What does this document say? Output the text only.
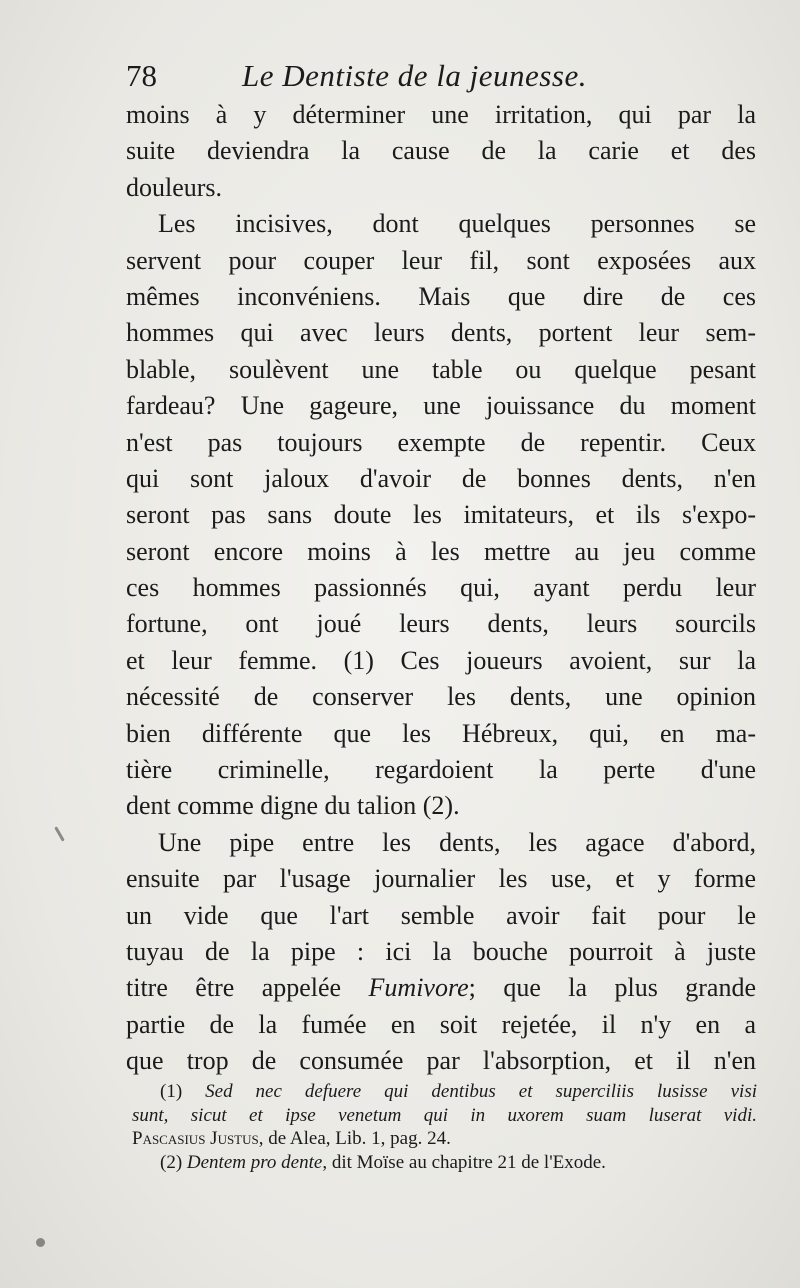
78	Le Dentiste de la jeunesse.
moins à y déterminer une irritation, qui par la
suite deviendra la cause de la carie et des
douleurs.
Les incisives, dont quelques personnes se
servent pour couper leur fil, sont exposées aux
mêmes inconvéniens. Mais que dire de ces
hommes qui avec leurs dents, portent leur sem-
blable, soulèvent une table ou quelque pesant
fardeau? Une gageure, une jouissance du moment
n'est pas toujours exempte de repentir. Ceux
qui sont jaloux d'avoir de bonnes dents, n'en
seront pas sans doute les imitateurs, et ils s'expo-
seront encore moins à les mettre au jeu comme
ces hommes passionnés qui, ayant perdu leur
fortune, ont joué leurs dents, leurs sourcils
et leur femme. (1) Ces joueurs avoient, sur la
nécessité de conserver les dents, une opinion
bien différente que les Hébreux, qui, en ma-
tière criminelle, regardoient la perte d'une
dent comme digne du talion (2).
Une pipe entre les dents, les agace d'abord,
ensuite par l'usage journalier les use, et y forme
un vide que l'art semble avoir fait pour le
tuyau de la pipe : ici la bouche pourroit à juste
titre être appelée Fumivore; que la plus grande
partie de la fumée en soit rejetée, il n'y en a
que trop de consumée par l'absorption, et il n'en
(1) Sed nec defuere qui dentibus et superciliis lusisse visi
sunt, sicut et ipse venetum qui in uxorem suam luserat vidi.
Pascasius Justus, de Alea, Lib. 1, pag. 24.
(2) Dentem pro dente, dit Moïse au chapitre 21 de l'Exode.
